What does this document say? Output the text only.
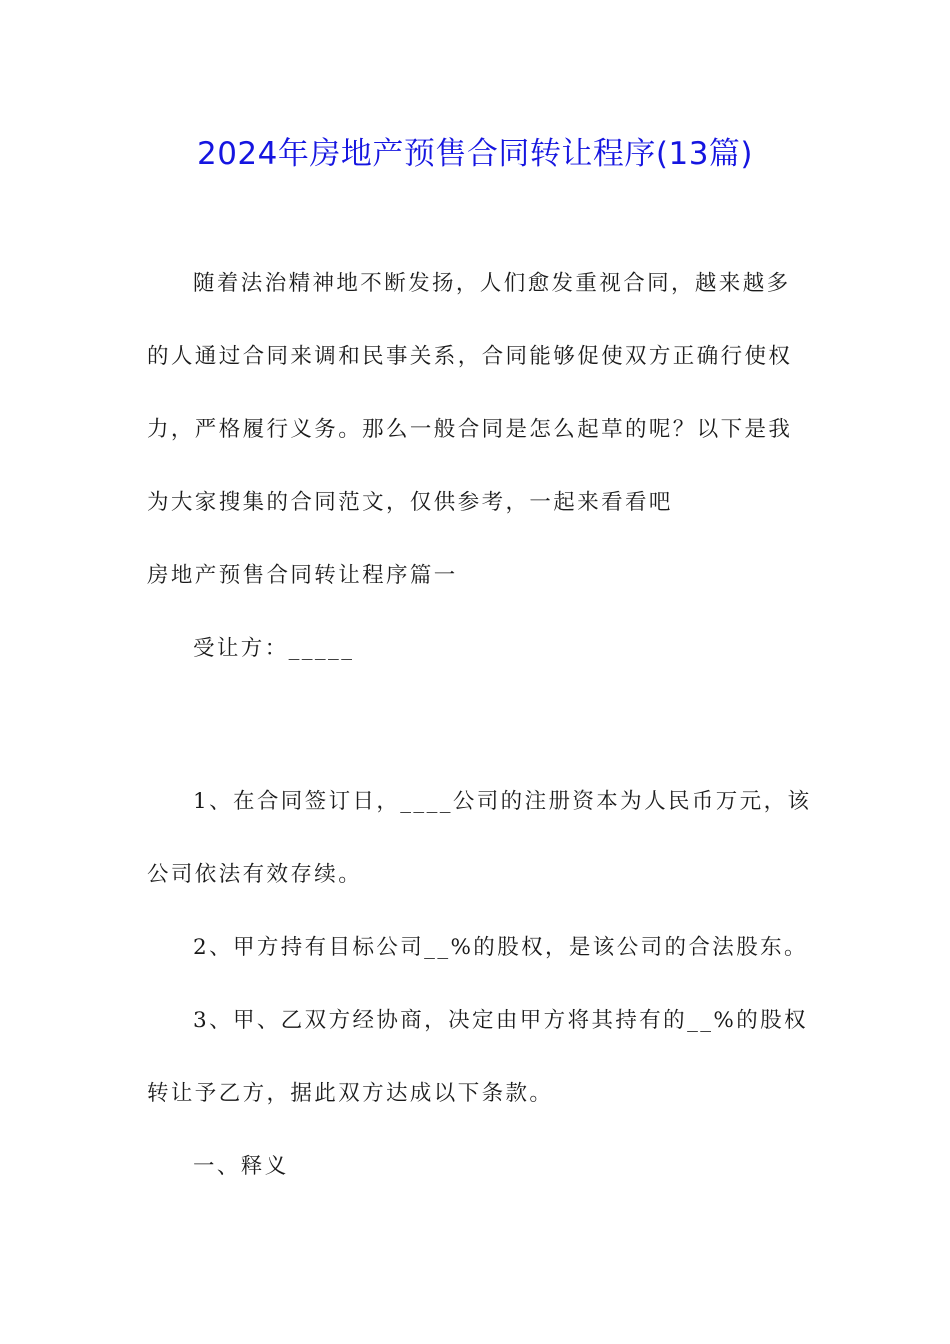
2024年房地产预售合同转让程序(13篇)

随着法治精神地不断发扬，人们愈发重视合同，越来越多

的人通过合同来调和民事关系，合同能够促使双方正确行使权

力，严格履行义务。那么一般合同是怎么起草的呢？以下是我

为大家搜集的合同范文，仅供参考，一起来看看吧

房地产预售合同转让程序篇一

受让方：_____

1、在合同签订日，____公司的注册资本为人民币万元，该

公司依法有效存续。

2、甲方持有目标公司__%的股权，是该公司的合法股东。

3、甲、乙双方经协商，决定由甲方将其持有的__%的股权

转让予乙方，据此双方达成以下条款。

一、释义
